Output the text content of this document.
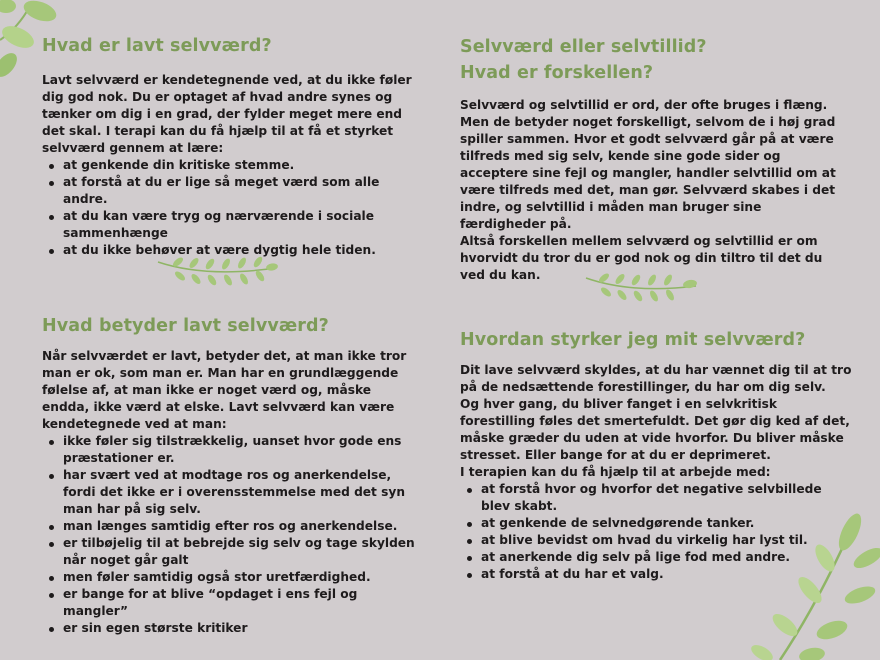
Hvad er lavt selvværd?

Lavt selvværd er kendetegnende ved, at du ikke føler dig god nok. Du er optaget af hvad andre synes og tænker om dig i en grad, der fylder meget mere end det skal. I terapi kan du få hjælp til at få et styrket selvværd gennem at lære:

at genkende din kritiske stemme.
at forstå at du er lige så meget værd som alle andre.
at du kan være tryg og nærværende i sociale sammenhænge
at du ikke behøver at være dygtig hele tiden.
Hvad betyder lavt selvværd?

Når selvværdet er lavt, betyder det, at man ikke tror man er ok, som man er. Man har en grundlæggende følelse af, at man ikke er noget værd og, måske endda, ikke værd at elske. Lavt selvværd kan være kendetegnede ved at man:

ikke føler sig tilstrækkelig, uanset hvor gode ens præstationer er.
har svært ved at modtage ros og anerkendelse, fordi det ikke er i overensstemmelse med det syn man har på sig selv.
man længes samtidig efter ros og anerkendelse.
er tilbøjelig til at bebrejde sig selv og tage skylden når noget går galt
men føler samtidig også stor uretfærdighed.
er bange for at blive “opdaget i ens fejl og mangler”
er sin egen største kritiker
Selvværd eller selvtillid?
Hvad er forskellen?

Selvværd og selvtillid er ord, der ofte bruges i flæng. Men de betyder noget forskelligt, selvom de i høj grad spiller sammen. Hvor et godt selvværd går på at være tilfreds med sig selv, kende sine gode sider og acceptere sine fejl og mangler, handler selvtillid om at være tilfreds med det, man gør. Selvværd skabes i det indre, og selvtillid i måden man bruger sine færdigheder på.

Altså forskellen mellem selvværd og selvtillid er om hvorvidt du tror du er god nok og din tiltro til det du ved du kan.

Hvordan styrker jeg mit selvværd?

Dit lave selvværd skyldes, at du har vænnet dig til at tro på de nedsættende forestillinger, du har om dig selv.

Og hver gang, du bliver fanget i en selvkritisk forestilling føles det smertefuldt. Det gør dig ked af det, måske græder du uden at vide hvorfor. Du bliver måske stresset. Eller bange for at du er deprimeret.

I terapien kan du få hjælp til at arbejde med:

at forstå hvor og hvorfor det negative selvbillede blev skabt.
at genkende de selvnedgørende tanker.
at blive bevidst om hvad du virkelig har lyst til.
at anerkende dig selv på lige fod med andre.
at forstå at du har et valg.
